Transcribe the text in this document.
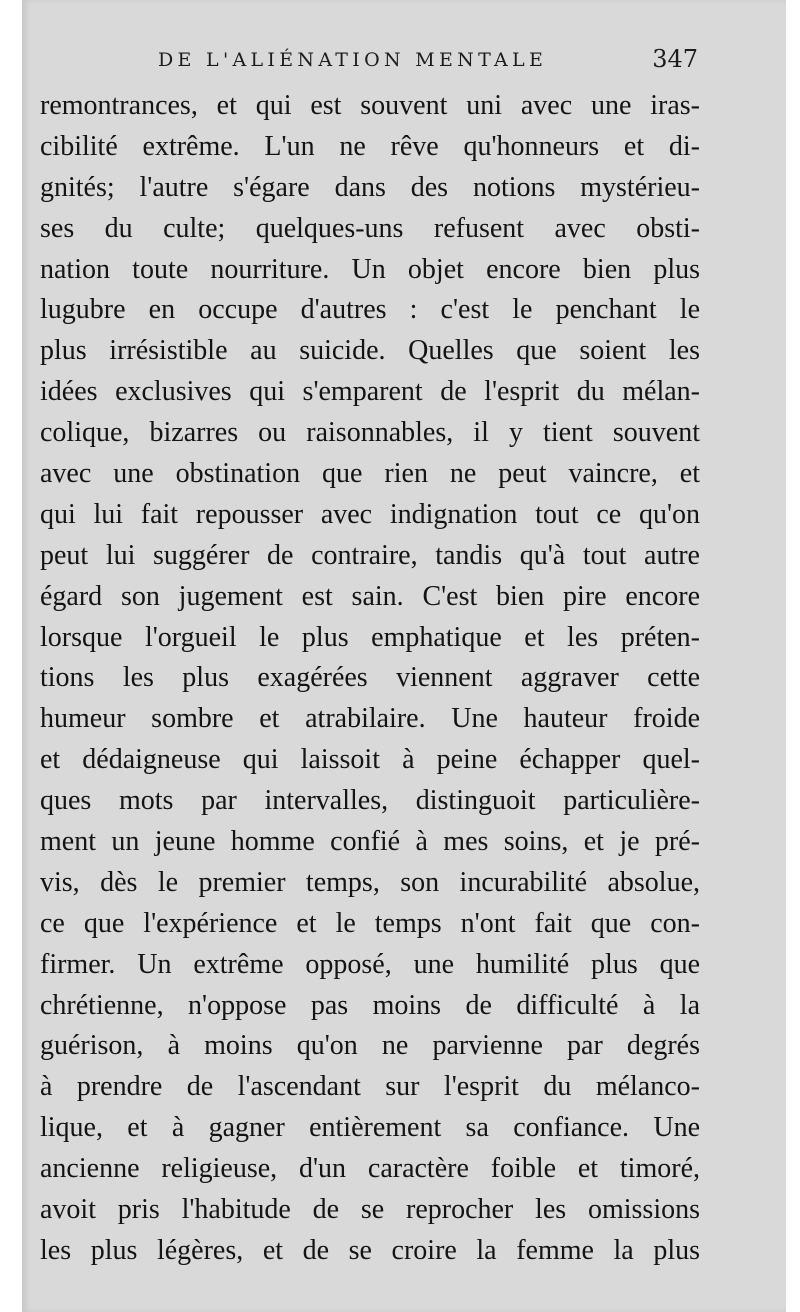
DE L'ALIÉNATION MENTALE	347
remontrances, et qui est souvent uni avec une iras-
cibilité extrême. L'un ne rêve qu'honneurs et di-
gnités; l'autre s'égare dans des notions mystérieu-
ses du culte; quelques-uns refusent avec obsti-
nation toute nourriture. Un objet encore bien plus
lugubre en occupe d'autres : c'est le penchant le
plus irrésistible au suicide. Quelles que soient les
idées exclusives qui s'emparent de l'esprit du mélan-
colique, bizarres ou raisonnables, il y tient souvent
avec une obstination que rien ne peut vaincre, et
qui lui fait repousser avec indignation tout ce qu'on
peut lui suggérer de contraire, tandis qu'à tout autre
égard son jugement est sain. C'est bien pire encore
lorsque l'orgueil le plus emphatique et les préten-
tions les plus exagérées viennent aggraver cette
humeur sombre et atrabilaire. Une hauteur froide
et dédaigneuse qui laissoit à peine échapper quel-
ques mots par intervalles, distinguoit particulière-
ment un jeune homme confié à mes soins, et je pré-
vis, dès le premier temps, son incurabilité absolue,
ce que l'expérience et le temps n'ont fait que con-
firmer. Un extrême opposé, une humilité plus que
chrétienne, n'oppose pas moins de difficulté à la
guérison, à moins qu'on ne parvienne par degrés
à prendre de l'ascendant sur l'esprit du mélanco-
lique, et à gagner entièrement sa confiance. Une
ancienne religieuse, d'un caractère foible et timoré,
avoit pris l'habitude de se reprocher les omissions
les plus légères, et de se croire la femme la plus
